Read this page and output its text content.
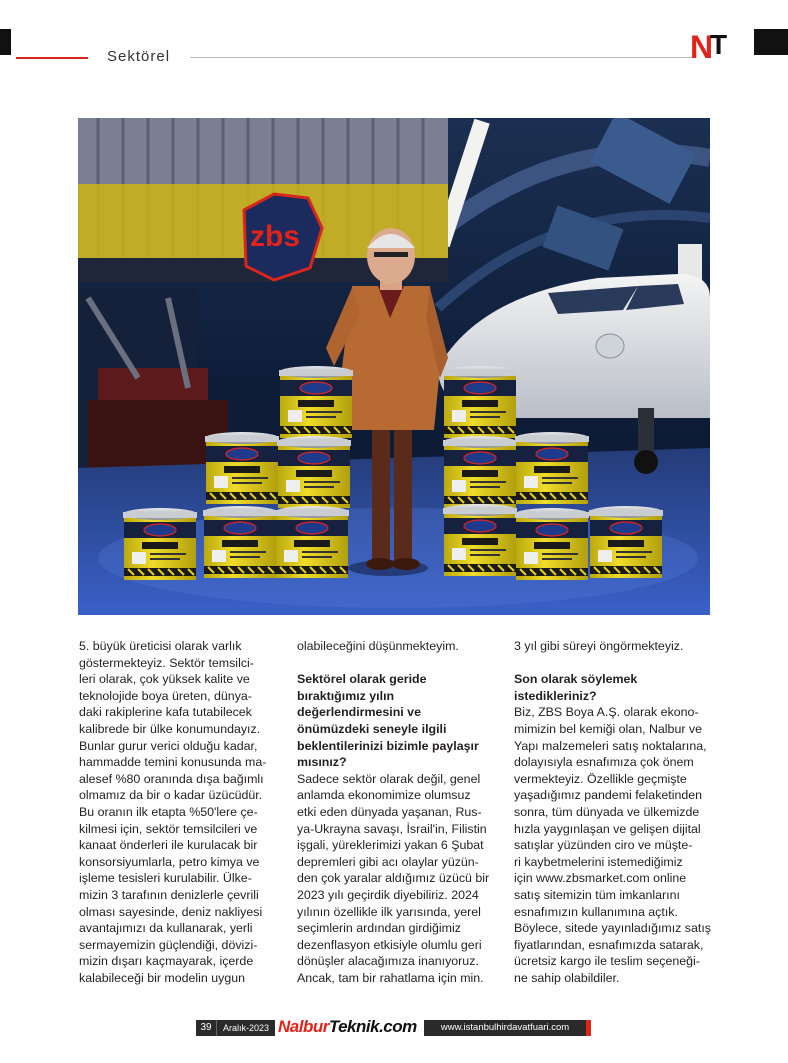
Sektörel	N T
zbs

5. büyük üreticisi olarak varlık

göstermekteyiz. Sektör temsilci-

leri olarak, çok yüksek kalite ve

teknolojide boya üreten, dünya-

daki rakiplerine kafa tutabilecek

kalibrede bir ülke konumundayız.

Bunlar gurur verici olduğu kadar,

hammadde temini konusunda ma-

alesef %80 oranında dışa bağımlı

olmamız da bir o kadar üzücüdür.

Bu oranın ilk etapta %50'lere çe-

kilmesi için, sektör temsilcileri ve

kanaat önderleri ile kurulacak bir

konsorsiyumlarla, petro kimya ve

işleme tesisleri kurulabilir. Ülke-

mizin 3 tarafının denizlerle çevrili

olması sayesinde, deniz nakliyesi

avantajımızı da kullanarak, yerli

sermayemizin güçlendiği, dövizi-

mizin dışarı kaçmayarak, içerde

kalabileceği bir modelin uygun

olabileceğini düşünmekteyim.

Sektörel olarak geride

bıraktığımız yılın

değerlendirmesini ve

önümüzdeki seneyle ilgili

beklentilerinizi bizimle paylaşır

mısınız?

Sadece sektör olarak değil, genel

anlamda ekonomimize olumsuz

etki eden dünyada yaşanan, Rus-

ya-Ukrayna savaşı, İsrail'in, Filistin

işgali, yüreklerimizi yakan 6 Şubat

depremleri gibi acı olaylar yüzün-

den çok yaralar aldığımız üzücü bir

2023 yılı geçirdik diyebiliriz. 2024

yılının özellikle ilk yarısında, yerel

seçimlerin ardından girdiğimiz

dezenflasyon etkisiyle olumlu geri

dönüşler alacağımıza inanıyoruz.

Ancak, tam bir rahatlama için min.

3 yıl gibi süreyi öngörmekteyiz.

Son olarak söylemek

istedikleriniz?

Biz, ZBS Boya A.Ş. olarak ekono-

mimizin bel kemiği olan, Nalbur ve

Yapı malzemeleri satış noktalarına,

dolayısıyla esnafımıza çok önem

vermekteyiz. Özellikle geçmişte

yaşadığımız pandemi felaketinden

sonra, tüm dünyada ve ülkemizde

hızla yaygınlaşan ve gelişen dijital

satışlar yüzünden ciro ve müşte-

ri kaybetmelerini istemediğimiz

için www.zbsmarket.com online

satış sitemizin tüm imkanlarını

esnafımızın kullanımına açtık.

Böylece, sitede yayınladığımız satış

fiyatlarından, esnafımızda satarak,

ücretsiz kargo ile teslim seçeneği-

ne sahip olabildiler.

39	Aralık-2023 NalburTeknik.com	www.istanbulhirdavatfuari.com
